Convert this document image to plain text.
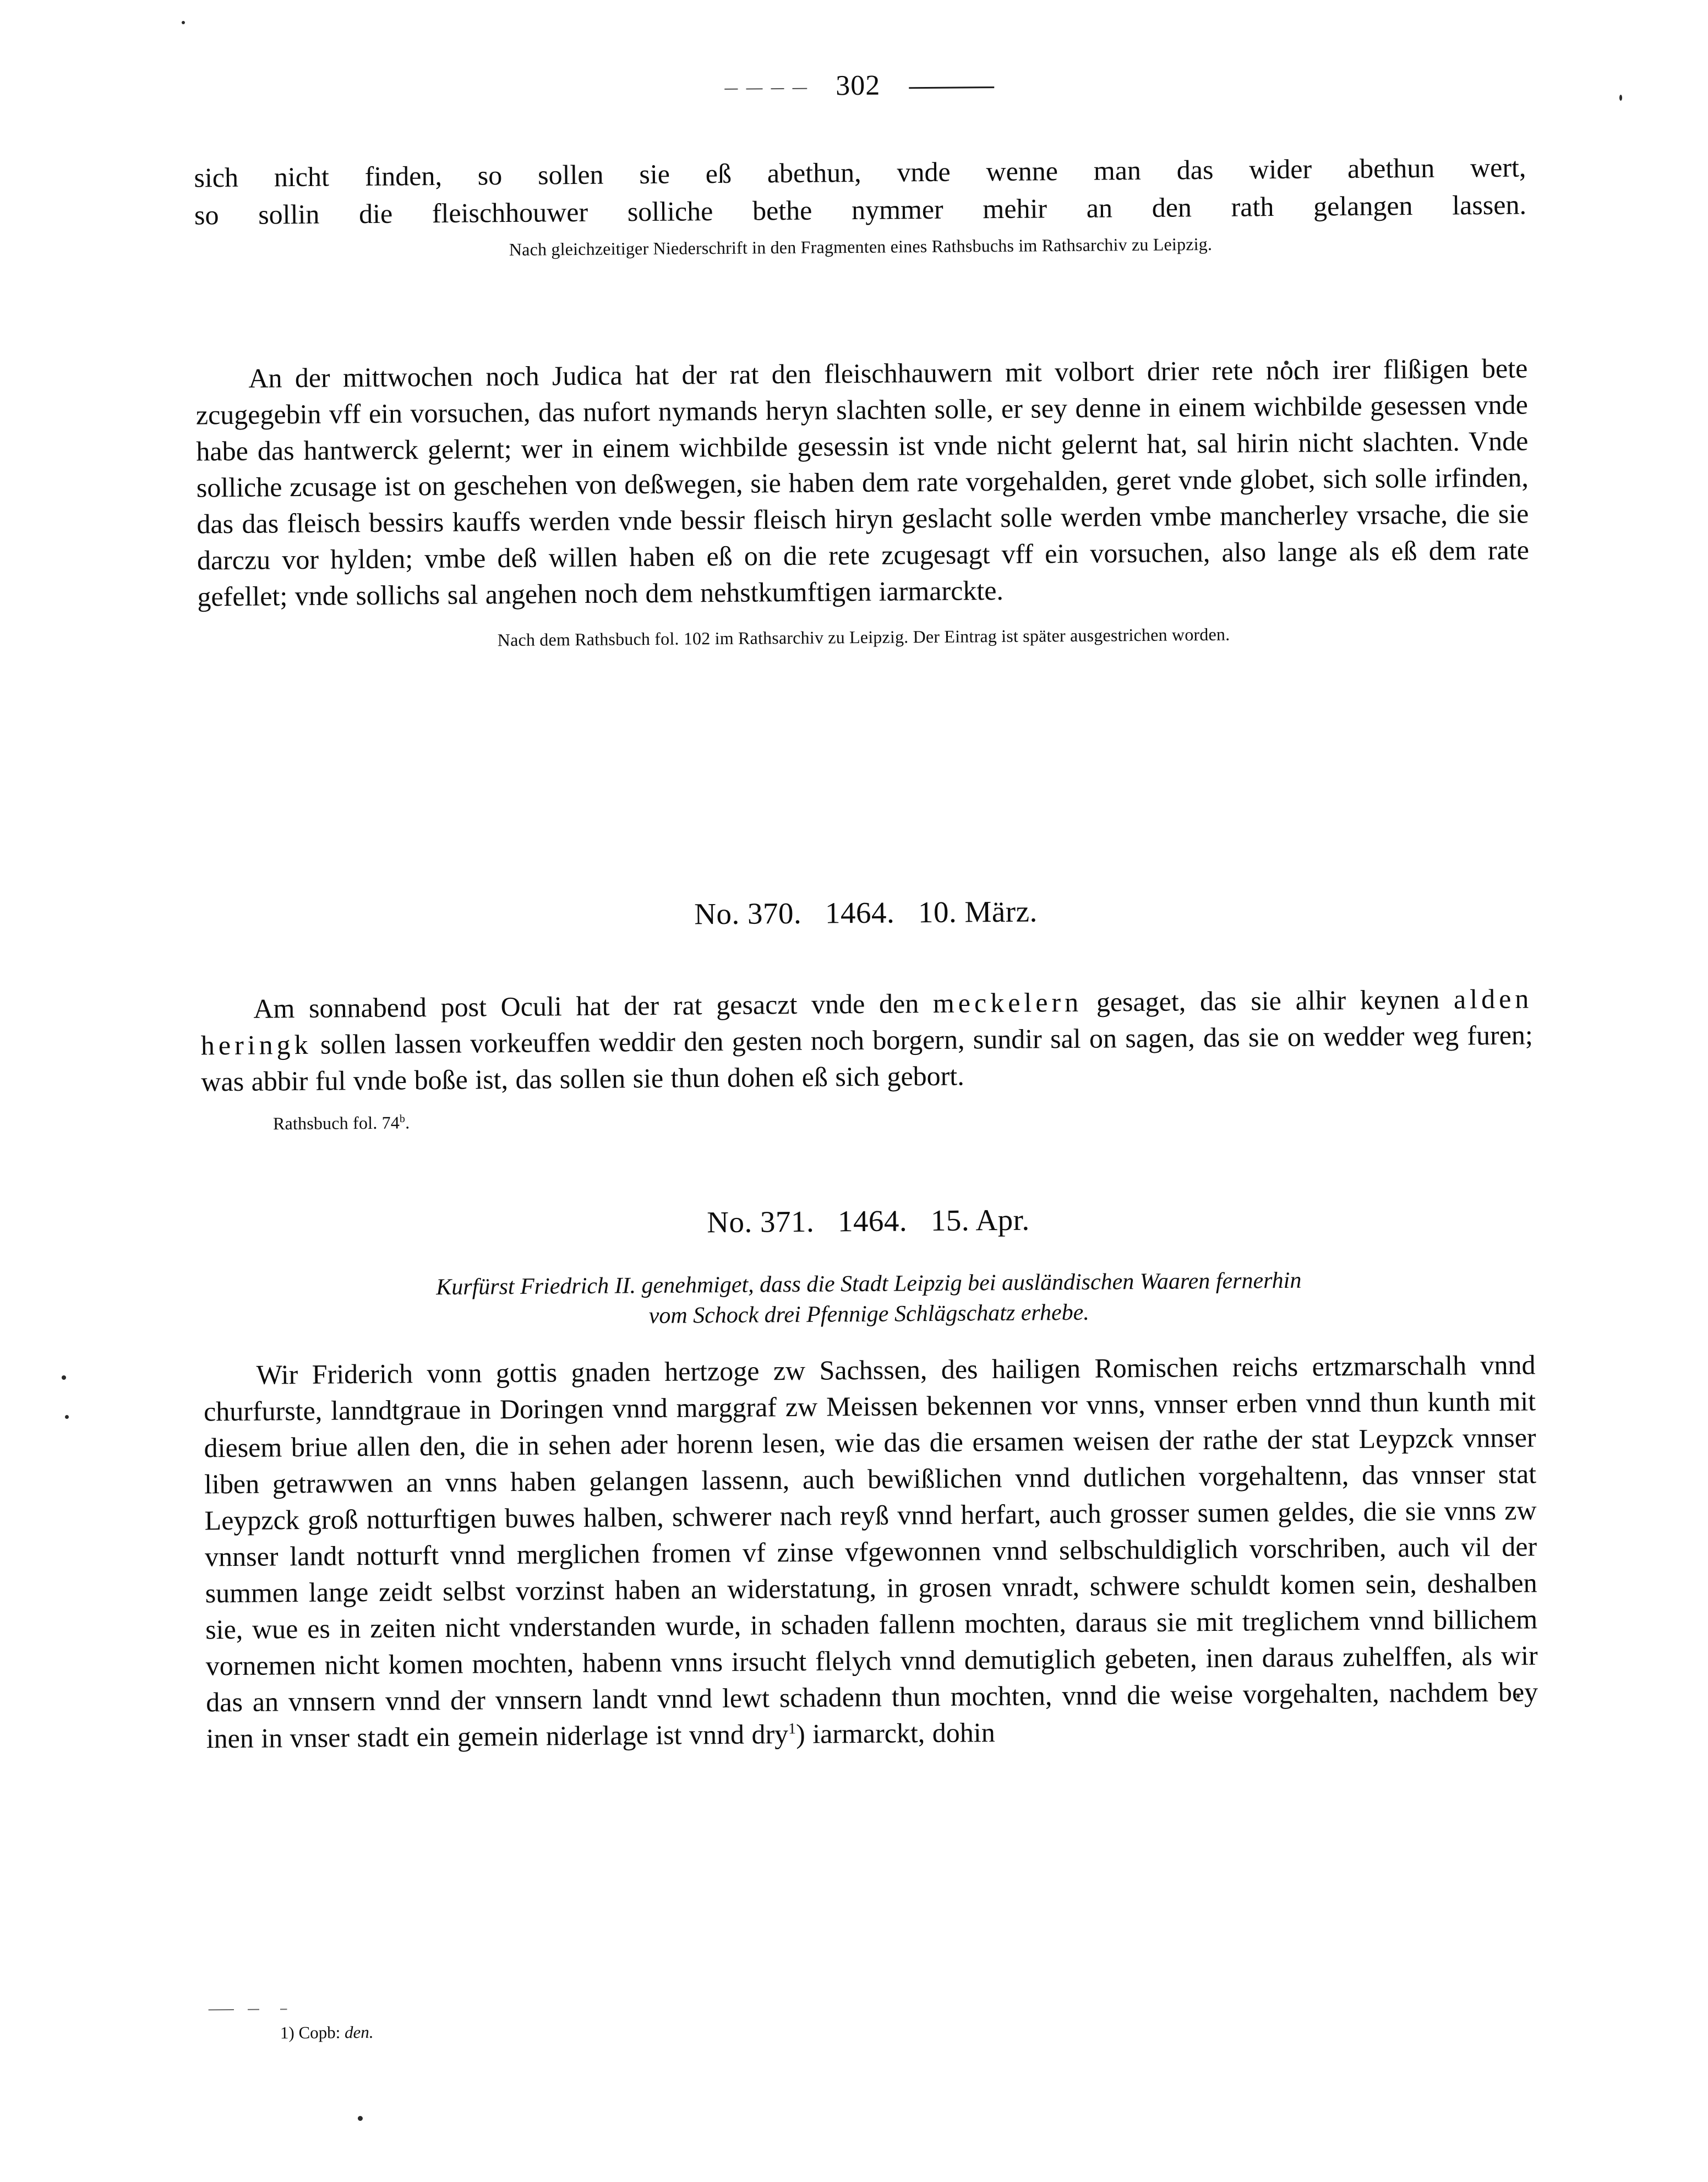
302
sich nicht finden, so sollen sie eß abethun, vnde wenne man das wider abethun wert,
so sollin die fleischhouwer solliche bethe nymmer mehir an den rath gelangen lassen.
Nach gleichzeitiger Niederschrift in den Fragmenten eines Rathsbuchs im Rathsarchiv zu Leipzig.
An der mittwochen noch Judica hat der rat den fleischhauwern mit volbort drier rete noch irer flißigen bete zcugegebin vff ein vorsuchen, das nufort nymands heryn slachten solle, er sey denne in einem wichbilde gesessen vnde habe das hantwerck gelernt; wer in einem wichbilde gesessin ist vnde nicht gelernt hat, sal hirin nicht slachten. Vnde solliche zcusage ist on geschehen von deßwegen, sie haben dem rate vorgehalden, geret vnde globet, sich solle irfinden, das das fleisch bessirs kauffs werden vnde bessir fleisch hiryn geslacht solle werden vmbe mancherley vrsache, die sie darczu vor hylden; vmbe deß willen haben eß on die rete zcugesagt vff ein vorsuchen, also lange als eß dem rate gefellet; vnde sollichs sal angehen noch dem nehstkumftigen iarmarckte.
Nach dem Rathsbuch fol. 102 im Rathsarchiv zu Leipzig. Der Eintrag ist später ausgestrichen worden.
No. 370.   1464.   10. März.
Am sonnabend post Oculi hat der rat gesaczt vnde den meckelern gesaget, das sie alhir keynen alden heringk sollen lassen vorkeuffen weddir den gesten noch borgern, sundir sal on sagen, das sie on wedder weg furen; was abbir ful vnde boße ist, das sollen sie thun dohen eß sich gebort.
Rathsbuch fol. 74$^b$.
No. 371.   1464.   15. Apr.
Kurfürst Friedrich II. genehmiget, dass die Stadt Leipzig bei ausländischen Waaren fernerhin
vom Schock drei Pfennige Schlägschatz erhebe.
Wir Friderich vonn gottis gnaden hertzoge zw Sachssen, des hailigen Romischen reichs ertzmarschalh vnnd churfurste, lanndtgraue in Doringen vnnd marggraf zw Meissen bekennen vor vnns, vnnser erben vnnd thun kunth mit diesem briue allen den, die in sehen ader horenn lesen, wie das die ersamen weisen der rathe der stat Leypzck vnnser liben getrawwen an vnns haben gelangen lassenn, auch bewißlichen vnnd dutlichen vorgehaltenn, das vnnser stat Leypzck groß notturftigen buwes halben, schwerer nach reyß vnnd herfart, auch grosser sumen geldes, die sie vnns zw vnnser landt notturft vnnd merglichen fromen vf zinse vfgewonnen vnnd selbschuldiglich vorschriben, auch vil der summen lange zeidt selbst vorzinst haben an widerstatung, in grosen vnradt, schwere schuldt komen sein, deshalben sie, wue es in zeiten nicht vnderstanden wurde, in schaden fallenn mochten, daraus sie mit treglichem vnnd billichem vornemen nicht komen mochten, habenn vnns irsucht flelych vnnd demutiglich gebeten, inen daraus zuhelffen, als wir das an vnnsern vnnd der vnnsern landt vnnd lewt schadenn thun mochten, vnnd die weise vorgehalten, nachdem bey inen in vnser stadt ein gemein niderlage ist vnnd dry$^1$) iarmarckt, dohin
1) Copb: den.
